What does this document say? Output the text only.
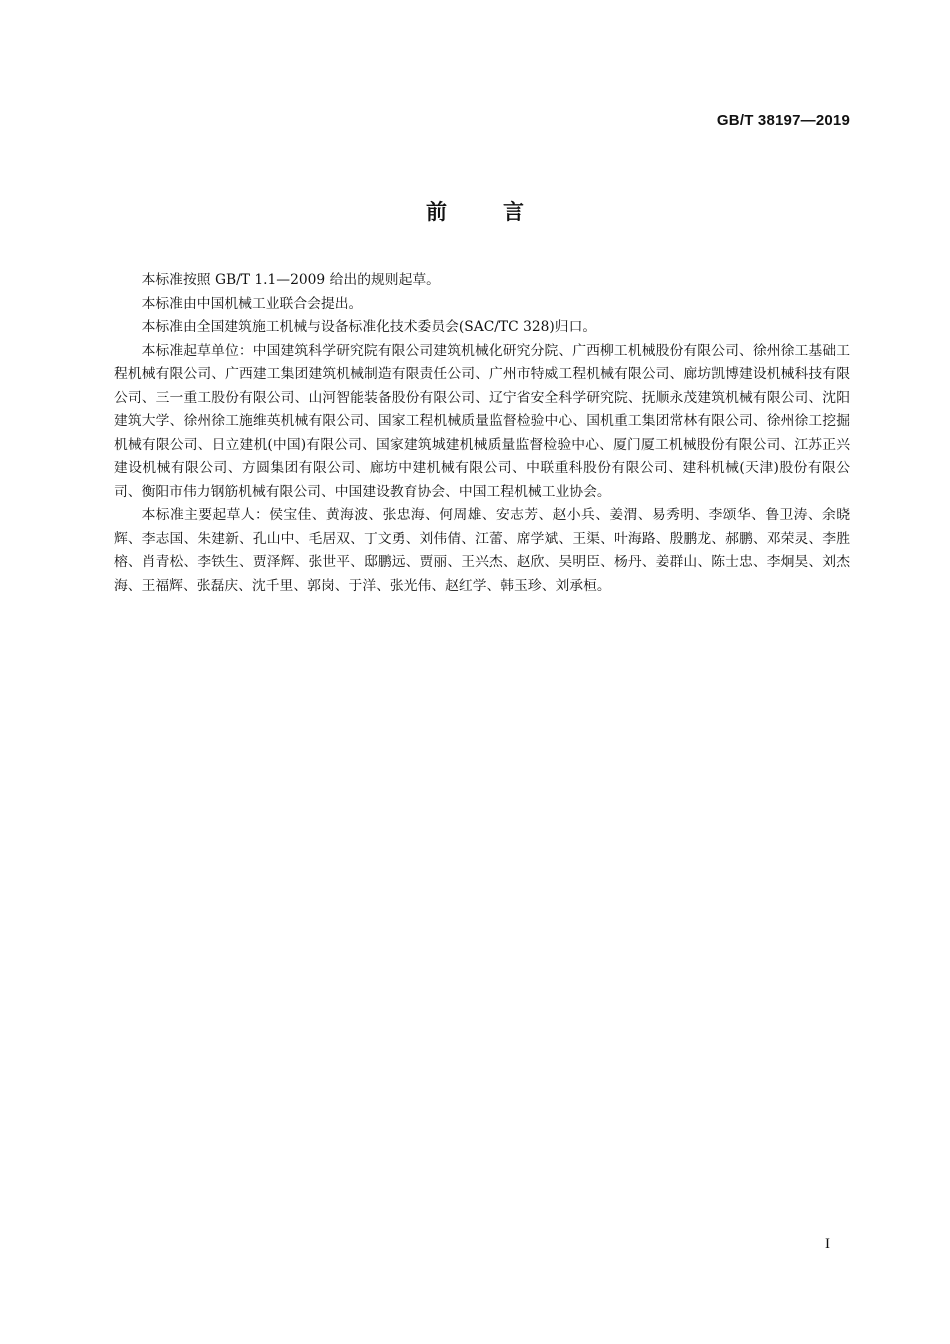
GB/T 38197—2019
前言

本标准按照 GB/T 1.1—2009 给出的规则起草。

本标准由中国机械工业联合会提出。

本标准由全国建筑施工机械与设备标准化技术委员会(SAC/TC 328)归口。

本标准起草单位：中国建筑科学研究院有限公司建筑机械化研究分院、广西柳工机械股份有限公司、徐州徐工基础工程机械有限公司、广西建工集团建筑机械制造有限责任公司、广州市特威工程机械有限公司、廊坊凯博建设机械科技有限公司、三一重工股份有限公司、山河智能装备股份有限公司、辽宁省安全科学研究院、抚顺永茂建筑机械有限公司、沈阳建筑大学、徐州徐工施维英机械有限公司、国家工程机械质量监督检验中心、国机重工集团常林有限公司、徐州徐工挖掘机械有限公司、日立建机(中国)有限公司、国家建筑城建机械质量监督检验中心、厦门厦工机械股份有限公司、江苏正兴建设机械有限公司、方圆集团有限公司、廊坊中建机械有限公司、中联重科股份有限公司、建科机械(天津)股份有限公司、衡阳市伟力钢筋机械有限公司、中国建设教育协会、中国工程机械工业协会。

本标准主要起草人：侯宝佳、黄海波、张忠海、何周雄、安志芳、赵小兵、姜渭、易秀明、李颂华、鲁卫涛、余晓辉、李志国、朱建新、孔山中、毛居双、丁文勇、刘伟倩、江蕾、席学斌、王渠、叶海路、殷鹏龙、郝鹏、邓荣灵、李胜榕、肖青松、李铁生、贾泽辉、张世平、邸鹏远、贾丽、王兴杰、赵欣、吴明臣、杨丹、姜群山、陈士忠、李炯昊、刘杰海、王福辉、张磊庆、沈千里、郭岗、于洋、张光伟、赵红学、韩玉珍、刘承桓。

I
